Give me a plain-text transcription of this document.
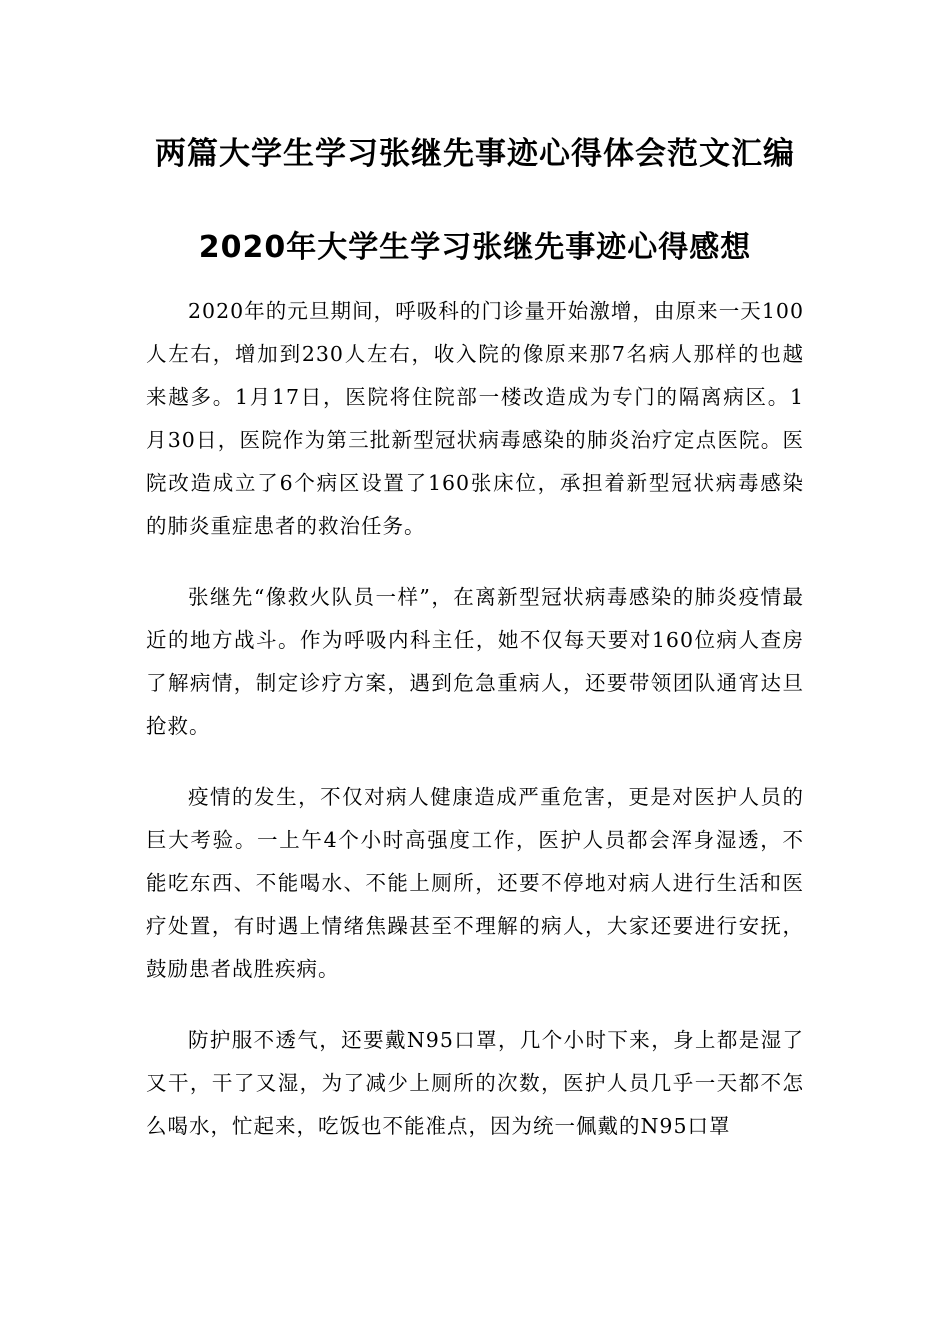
两篇大学生学习张继先事迹心得体会范文汇编
2020年大学生学习张继先事迹心得感想

2020年的元旦期间，呼吸科的门诊量开始激增，由原来一天100人左右，增加到230人左右，收入院的像原来那7名病人那样的也越来越多。1月17日，医院将住院部一楼改造成为专门的隔离病区。1月30日，医院作为第三批新型冠状病毒感染的肺炎治疗定点医院。医院改造成立了6个病区设置了160张床位，承担着新型冠状病毒感染的肺炎重症患者的救治任务。

张继先“像救火队员一样”，在离新型冠状病毒感染的肺炎疫情最近的地方战斗。作为呼吸内科主任，她不仅每天要对160位病人查房了解病情，制定诊疗方案，遇到危急重病人，还要带领团队通宵达旦抢救。

疫情的发生，不仅对病人健康造成严重危害，更是对医护人员的巨大考验。一上午4个小时高强度工作，医护人员都会浑身湿透，不能吃东西、不能喝水、不能上厕所，还要不停地对病人进行生活和医疗处置，有时遇上情绪焦躁甚至不理解的病人，大家还要进行安抚，鼓励患者战胜疾病。

防护服不透气，还要戴N95口罩，几个小时下来，身上都是湿了又干，干了又湿，为了减少上厕所的次数，医护人员几乎一天都不怎么喝水，忙起来，吃饭也不能准点，因为统一佩戴的N95口罩
